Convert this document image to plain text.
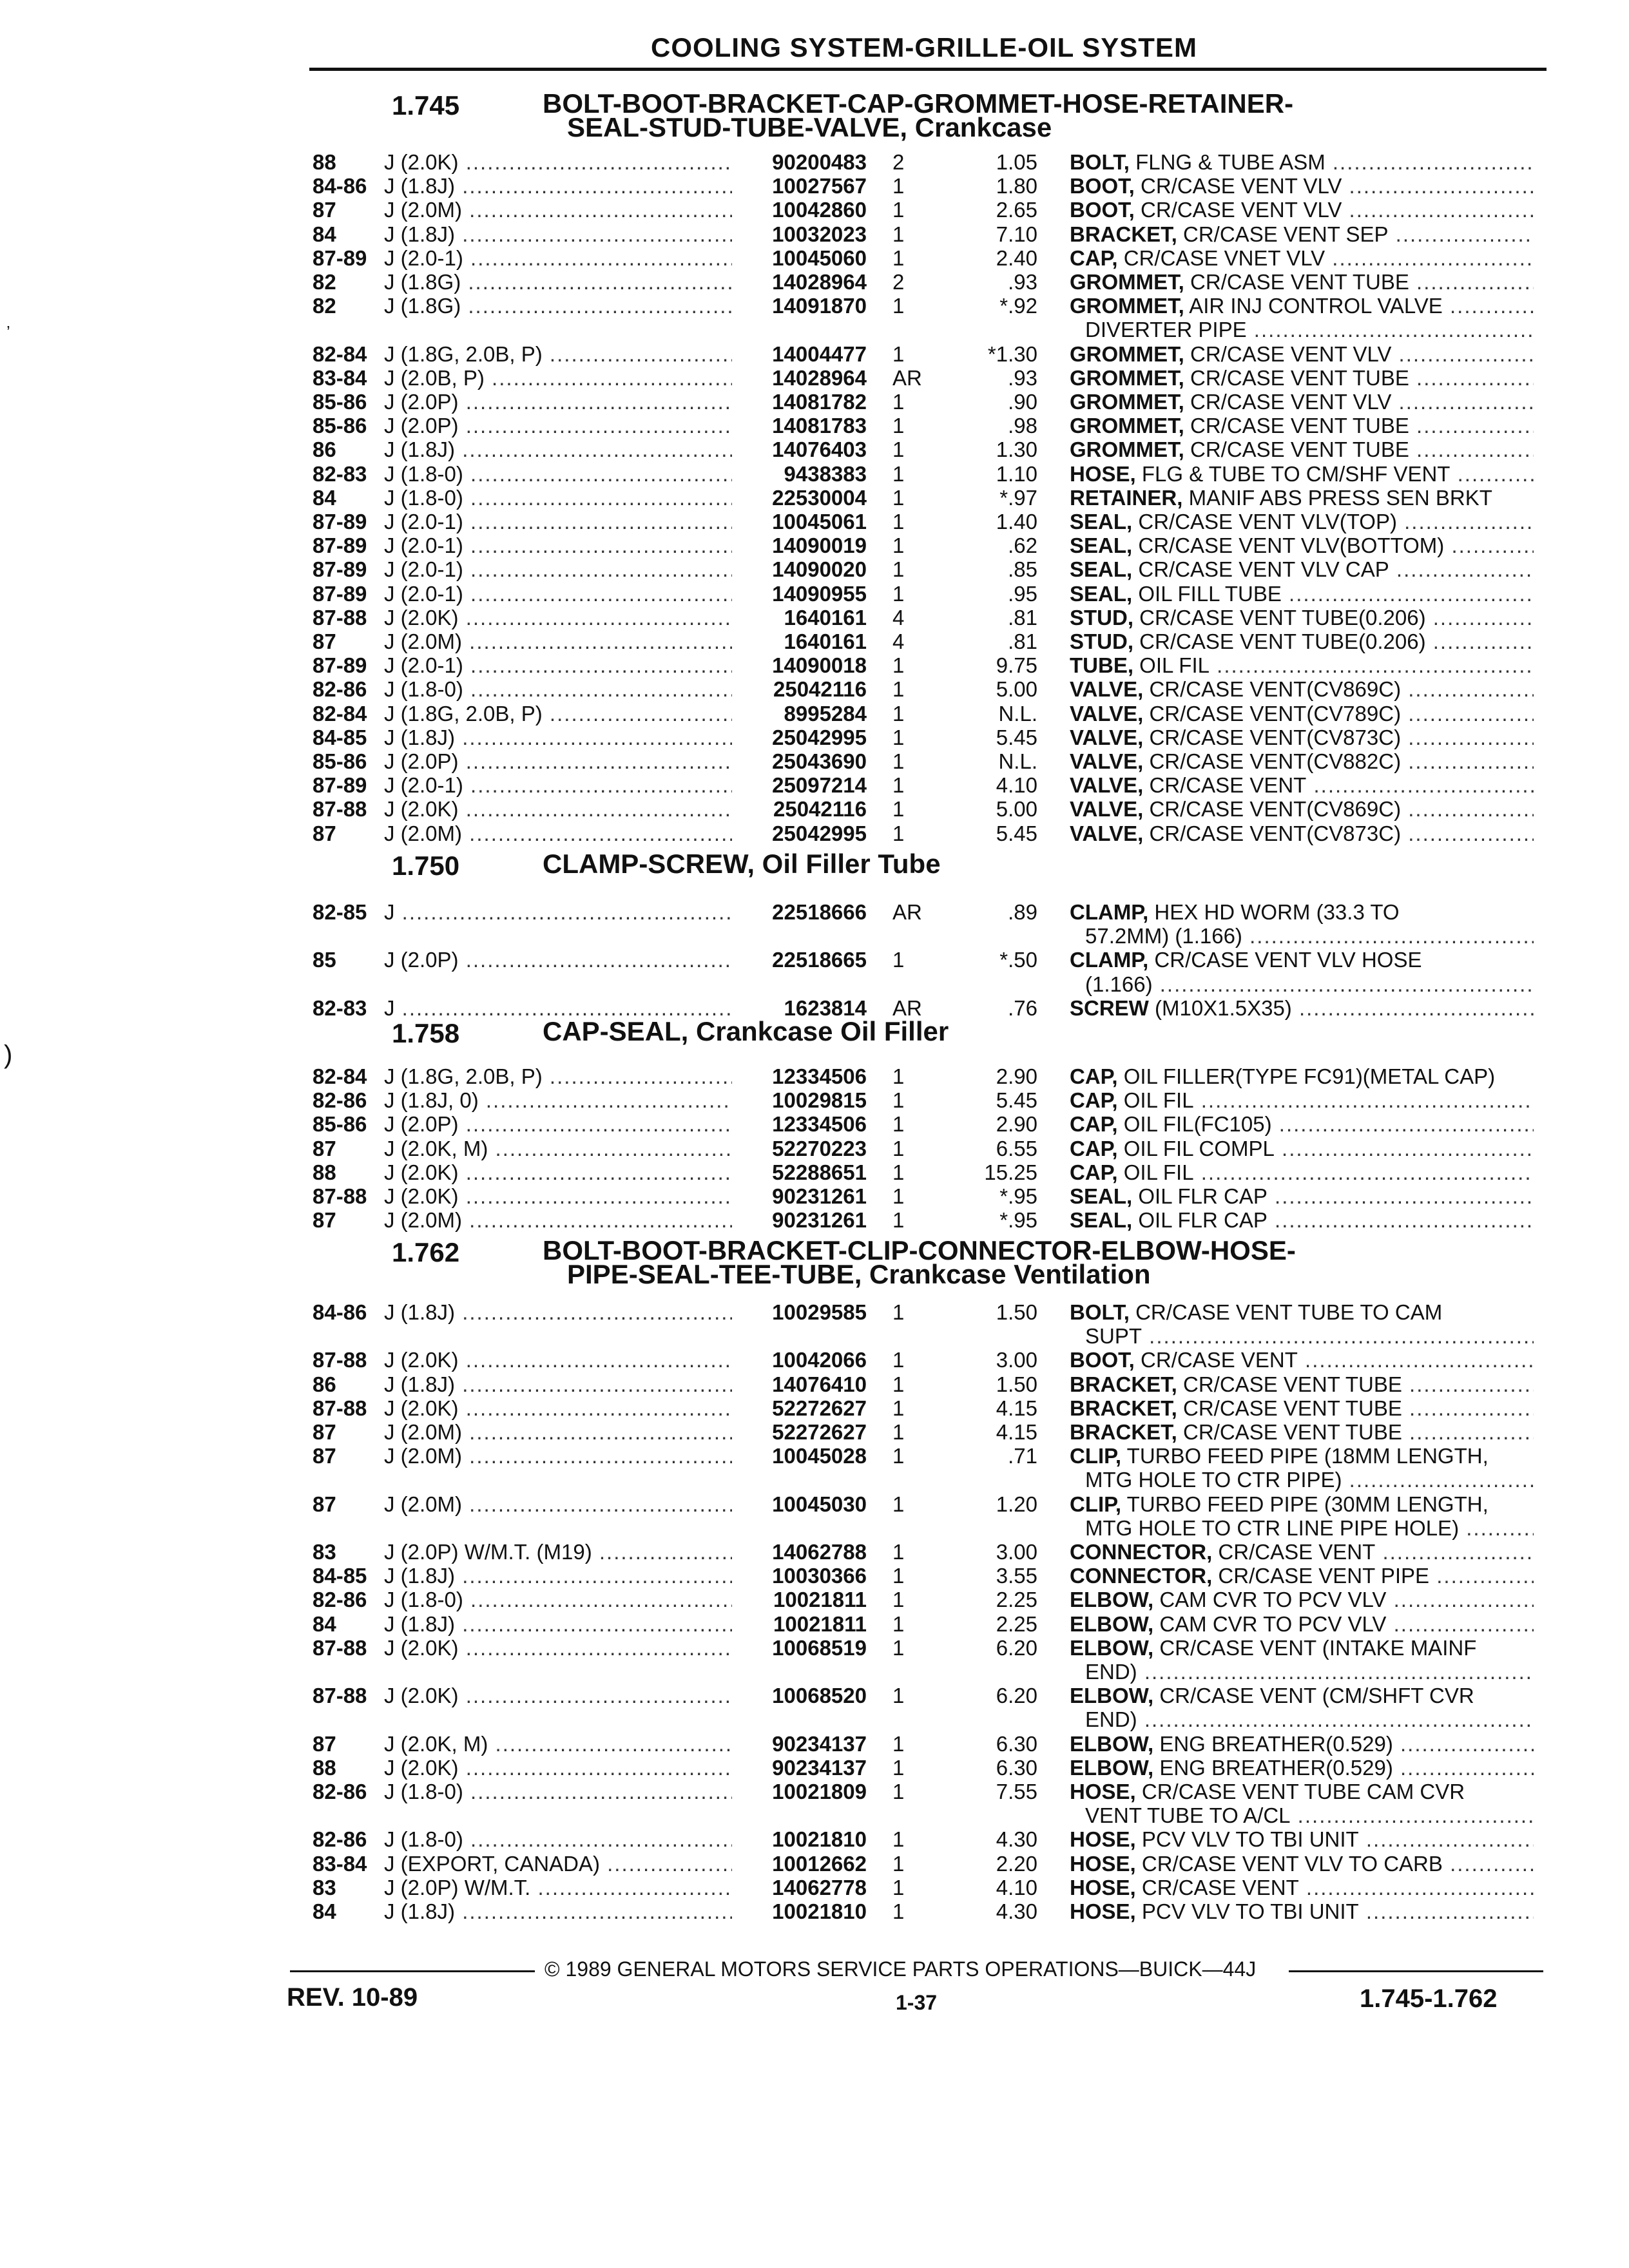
COOLING SYSTEM-GRILLE-OIL SYSTEM
’
)
1.745	BOLT-BOOT-BRACKET-CAP-GROMMET-HOSE-RETAINER-
SEAL-STUD-TUBE-VALVE, Crankcase
88 J (2.0K) .....	90200483 2	1.05 BOLT, FLNG & TUBE ASM .....
84-86 J (1.8J) .....	10027567 1	1.80 BOOT, CR/CASE VENT VLV .....
87 J (2.0M) .....	10042860 1	2.65 BOOT, CR/CASE VENT VLV .....
84 J (1.8J) .....	10032023 1	7.10 BRACKET, CR/CASE VENT SEP .....
87-89 J (2.0-1) .....	10045060 1	2.40 CAP, CR/CASE VNET VLV .....
82 J (1.8G) .....	14028964 2	.93 GROMMET, CR/CASE VENT TUBE .....
82 J (1.8G) .....	14091870 1	*.92 GROMMET, AIR INJ CONTROL VALVE .....
DIVERTER PIPE .....
82-84 J (1.8G, 2.0B, P) .....	14004477 1	*1.30 GROMMET, CR/CASE VENT VLV .....
83-84 J (2.0B, P) .....	14028964 AR	.93 GROMMET, CR/CASE VENT TUBE .....
85-86 J (2.0P) .....	14081782 1	.90 GROMMET, CR/CASE VENT VLV .....
85-86 J (2.0P) .....	14081783 1	.98 GROMMET, CR/CASE VENT TUBE .....
86 J (1.8J) .....	14076403 1	1.30 GROMMET, CR/CASE VENT TUBE .....
82-83 J (1.8-0) .....	9438383 1	1.10 HOSE, FLG & TUBE TO CM/SHF VENT .....
84 J (1.8-0) .....	22530004 1	*.97 RETAINER, MANIF ABS PRESS SEN BRKT
87-89 J (2.0-1) .....	10045061 1	1.40 SEAL, CR/CASE VENT VLV(TOP) .....
87-89 J (2.0-1) .....	14090019 1	.62 SEAL, CR/CASE VENT VLV(BOTTOM) .....
87-89 J (2.0-1) .....	14090020 1	.85 SEAL, CR/CASE VENT VLV CAP .....
87-89 J (2.0-1) .....	14090955 1	.95 SEAL, OIL FILL TUBE .....
87-88 J (2.0K) .....	1640161 4	.81 STUD, CR/CASE VENT TUBE(0.206) .....
87 J (2.0M) .....	1640161 4	.81 STUD, CR/CASE VENT TUBE(0.206) .....
87-89 J (2.0-1) .....	14090018 1	9.75 TUBE, OIL FIL .....
82-86 J (1.8-0) .....	25042116 1	5.00 VALVE, CR/CASE VENT(CV869C) .....
82-84 J (1.8G, 2.0B, P) .....	8995284 1	N.L. VALVE, CR/CASE VENT(CV789C) .....
84-85 J (1.8J) .....	25042995 1	5.45 VALVE, CR/CASE VENT(CV873C) .....
85-86 J (2.0P) .....	25043690 1	N.L. VALVE, CR/CASE VENT(CV882C) .....
87-89 J (2.0-1) .....	25097214 1	4.10 VALVE, CR/CASE VENT .....
87-88 J (2.0K) .....	25042116 1	5.00 VALVE, CR/CASE VENT(CV869C) .....
87 J (2.0M) .....	25042995 1	5.45 VALVE, CR/CASE VENT(CV873C) .....
1.750	CLAMP-SCREW, Oil Filler Tube
82-85 J .....	22518666 AR	.89 CLAMP, HEX HD WORM (33.3 TO
57.2MM) (1.166) .....
85 J (2.0P) .....	22518665 1	*.50 CLAMP, CR/CASE VENT VLV HOSE
(1.166) .....
82-83 J .....	1623814 AR	.76 SCREW (M10X1.5X35) .....
1.758	CAP-SEAL, Crankcase Oil Filler
82-84 J (1.8G, 2.0B, P) .....	12334506 1	2.90 CAP, OIL FILLER(TYPE FC91)(METAL CAP)
82-86 J (1.8J, 0) .....	10029815 1	5.45 CAP, OIL FIL .....
85-86 J (2.0P) .....	12334506 1	2.90 CAP, OIL FIL(FC105) .....
87 J (2.0K, M) .....	52270223 1	6.55 CAP, OIL FIL COMPL .....
88 J (2.0K) .....	52288651 1	15.25 CAP, OIL FIL .....
87-88 J (2.0K) .....	90231261 1	*.95 SEAL, OIL FLR CAP .....
87 J (2.0M) .....	90231261 1	*.95 SEAL, OIL FLR CAP .....
1.762	BOLT-BOOT-BRACKET-CLIP-CONNECTOR-ELBOW-HOSE-
PIPE-SEAL-TEE-TUBE, Crankcase Ventilation
84-86 J (1.8J) .....	10029585 1	1.50 BOLT, CR/CASE VENT TUBE TO CAM
SUPT .....
87-88 J (2.0K) .....	10042066 1	3.00 BOOT, CR/CASE VENT .....
86 J (1.8J) .....	14076410 1	1.50 BRACKET, CR/CASE VENT TUBE .....
87-88 J (2.0K) .....	52272627 1	4.15 BRACKET, CR/CASE VENT TUBE .....
87 J (2.0M) .....	52272627 1	4.15 BRACKET, CR/CASE VENT TUBE .....
87 J (2.0M) .....	10045028 1	.71 CLIP, TURBO FEED PIPE (18MM LENGTH,
MTG HOLE TO CTR PIPE) .....
87 J (2.0M) .....	10045030 1	1.20 CLIP, TURBO FEED PIPE (30MM LENGTH,
MTG HOLE TO CTR LINE PIPE HOLE) .....
83 J (2.0P) W/M.T. (M19) .....	14062788 1	3.00 CONNECTOR, CR/CASE VENT .....
84-85 J (1.8J) .....	10030366 1	3.55 CONNECTOR, CR/CASE VENT PIPE .....
82-86 J (1.8-0) .....	10021811 1	2.25 ELBOW, CAM CVR TO PCV VLV .....
84 J (1.8J) .....	10021811 1	2.25 ELBOW, CAM CVR TO PCV VLV .....
87-88 J (2.0K) .....	10068519 1	6.20 ELBOW, CR/CASE VENT (INTAKE MAINF
END) .....
87-88 J (2.0K) .....	10068520 1	6.20 ELBOW, CR/CASE VENT (CM/SHFT CVR
END) .....
87 J (2.0K, M) .....	90234137 1	6.30 ELBOW, ENG BREATHER(0.529) .....
88 J (2.0K) .....	90234137 1	6.30 ELBOW, ENG BREATHER(0.529) .....
82-86 J (1.8-0) .....	10021809 1	7.55 HOSE, CR/CASE VENT TUBE CAM CVR
VENT TUBE TO A/CL .....
82-86 J (1.8-0) .....	10021810 1	4.30 HOSE, PCV VLV TO TBI UNIT .....
83-84 J (EXPORT, CANADA) .....	10012662 1	2.20 HOSE, CR/CASE VENT VLV TO CARB .....
83 J (2.0P) W/M.T. .....	14062778 1	4.10 HOSE, CR/CASE VENT .....
84 J (1.8J) .....	10021810 1	4.30 HOSE, PCV VLV TO TBI UNIT .....
© 1989 GENERAL MOTORS SERVICE PARTS OPERATIONS—BUICK—44J
REV. 10-89	1-37	1.745-1.762
